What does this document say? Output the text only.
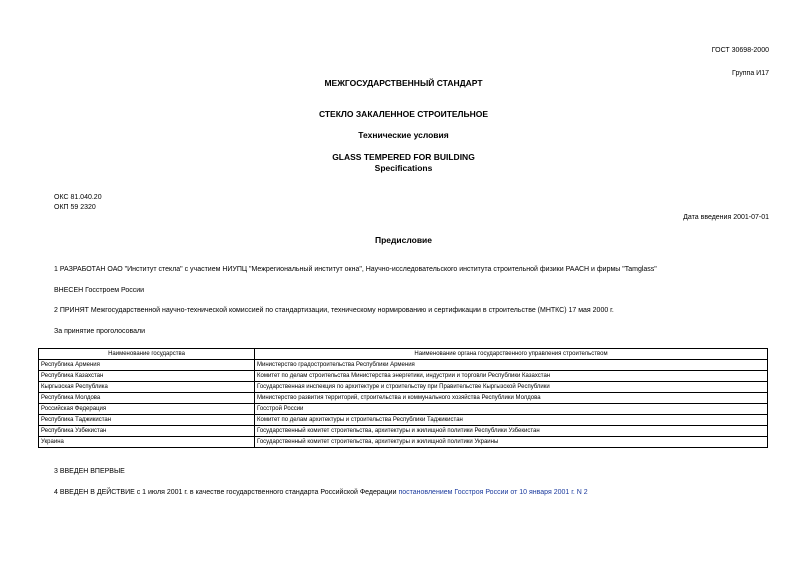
ГОСТ 30698-2000
Группа И17
МЕЖГОСУДАРСТВЕННЫЙ СТАНДАРТ
СТЕКЛО ЗАКАЛЕННОЕ СТРОИТЕЛЬНОЕ
Технические условия
GLASS TEMPERED FOR BUILDING
Specifications
ОКС 81.040.20
ОКП 59 2320
Дата введения 2001-07-01
Предисловие
1 РАЗРАБОТАН ОАО "Институт стекла" с участием НИУПЦ "Межрегиональный институт окна", Научно-исследовательского института строительной физики РААСН и фирмы "Tamglass"
ВНЕСЕН Госстроем России
2 ПРИНЯТ Межгосударственной научно-технической комиссией по стандартизации, техническому нормированию и сертификации в строительстве (МНТКС) 17 мая 2000 г.
За принятие проголосовали
Наименование государства	Наименование органа государственного управления строительством
Республика Армения	Министерство градостроительства Республики Армения
Республика Казахстан	Комитет по делам строительства Министерства энергетики, индустрии и торговли Республики Казахстан
Кыргызская Республика	Государственная инспекция по архитектуре и строительству при Правительстве Кыргызской Республики
Республика Молдова	Министерство развития территорий, строительства и коммунального хозяйства Республики Молдова
Российская Федерация	Госстрой России
Республика Таджикистан	Комитет по делам архитектуры и строительства Республики Таджикистан
Республика Узбекистан	Государственный комитет строительства, архитектуры и жилищной политики Республики Узбекистан
Украина	Государственный комитет строительства, архитектуры и жилищной политики Украины
3 ВВЕДЕН ВПЕРВЫЕ
4 ВВЕДЕН В ДЕЙСТВИЕ с 1 июля 2001 г. в качестве государственного стандарта Российской Федерации постановлением Госстроя России от 10 января 2001 г. N 2
